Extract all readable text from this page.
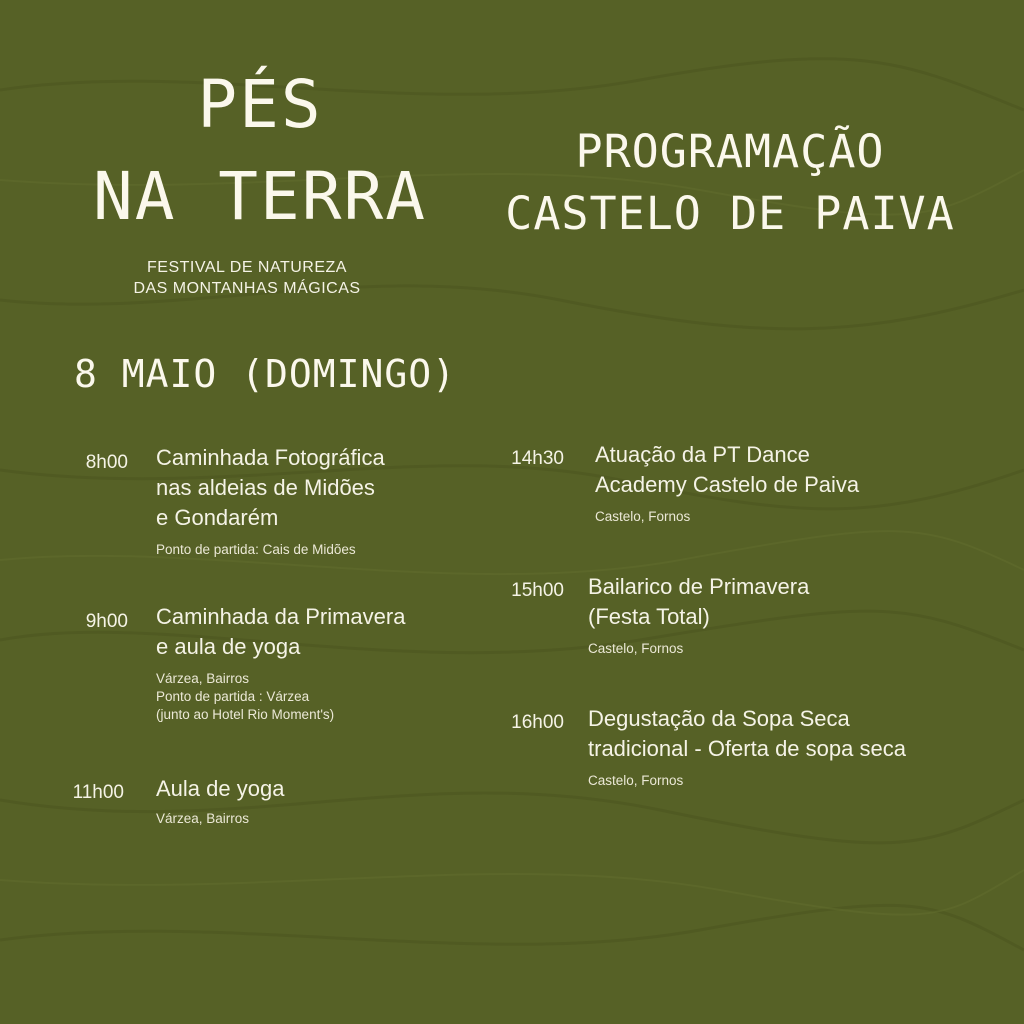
PÉS
NA TERRA
FESTIVAL DE NATUREZA
DAS MONTANHAS MÁGICAS
PROGRAMAÇÃO
CASTELO DE PAIVA
8 MAIO (DOMINGO)
8h00 Caminhada Fotográfica
nas aldeias de Midões
e Gondarém
Ponto de partida: Cais de Midões
9h00 Caminhada da Primavera
e aula de yoga
Várzea, Bairros
Ponto de partida : Várzea
(junto ao Hotel Rio Moment's)
11h00 Aula de yoga
Várzea, Bairros
14h30 Atuação da PT Dance
Academy Castelo de Paiva
Castelo, Fornos
15h00 Bailarico de Primavera
(Festa Total)
Castelo, Fornos
16h00 Degustação da Sopa Seca
tradicional - Oferta de sopa seca
Castelo, Fornos
